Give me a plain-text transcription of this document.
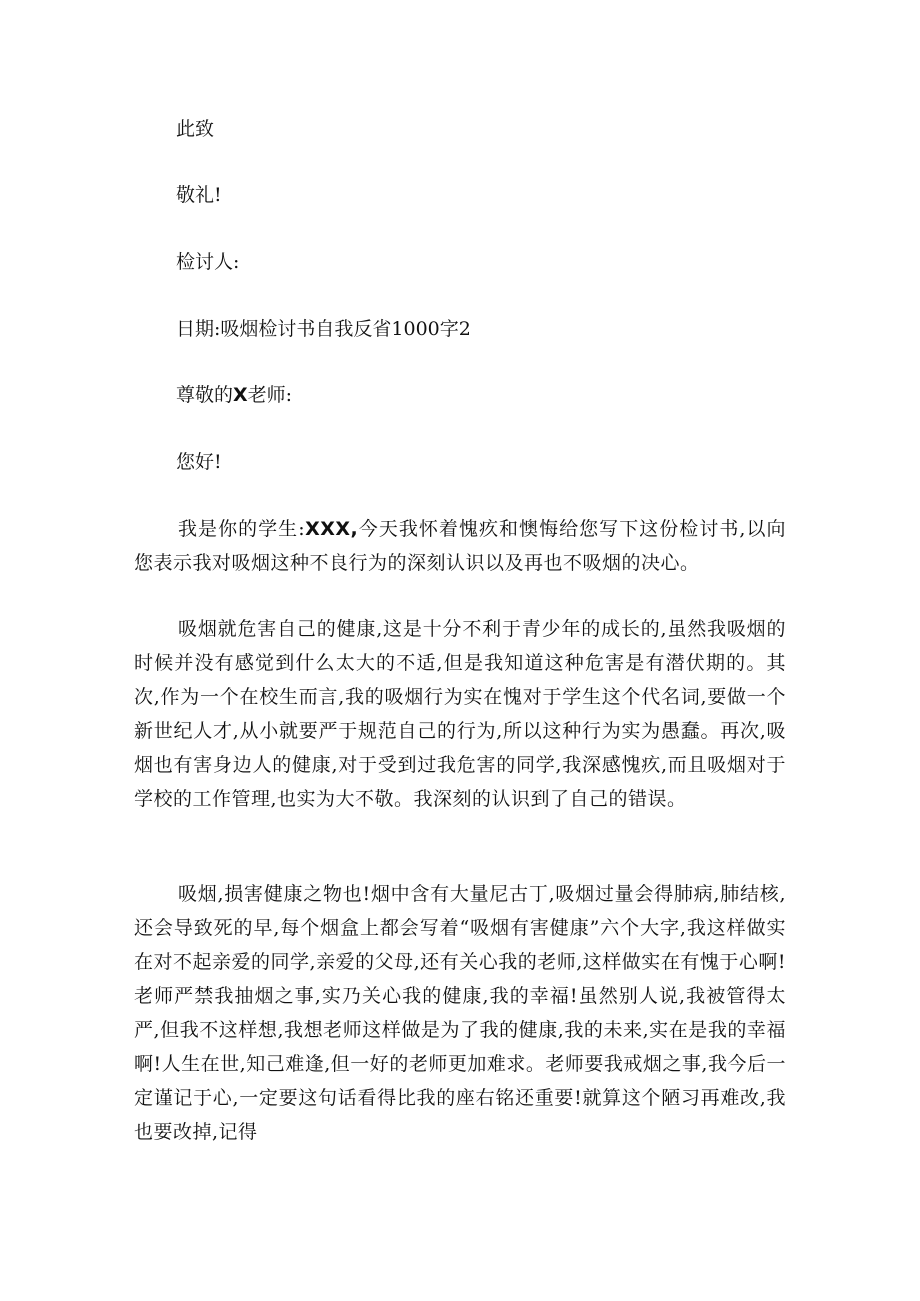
此致
敬礼!
检讨人:
日期:吸烟检讨书自我反省1000字2
尊敬的X老师:
您好!
我是你的学生:XXX,今天我怀着愧疚和懊悔给您写下这份检讨书,以向您表示我对吸烟这种不良行为的深刻认识以及再也不吸烟的决心。
吸烟就危害自己的健康,这是十分不利于青少年的成长的,虽然我吸烟的时候并没有感觉到什么太大的不适,但是我知道这种危害是有潜伏期的。其次,作为一个在校生而言,我的吸烟行为实在愧对于学生这个代名词,要做一个新世纪人才,从小就要严于规范自己的行为,所以这种行为实为愚蠢。再次,吸烟也有害身边人的健康,对于受到过我危害的同学,我深感愧疚,而且吸烟对于学校的工作管理,也实为大不敬。我深刻的认识到了自己的错误。
吸烟,损害健康之物也!烟中含有大量尼古丁,吸烟过量会得肺病,肺结核,还会导致死的早,每个烟盒上都会写着“吸烟有害健康”六个大字,我这样做实在对不起亲爱的同学,亲爱的父母,还有关心我的老师,这样做实在有愧于心啊!老师严禁我抽烟之事,实乃关心我的健康,我的幸福!虽然别人说,我被管得太严,但我不这样想,我想老师这样做是为了我的健康,我的未来,实在是我的幸福啊!人生在世,知己难逢,但一好的老师更加难求。老师要我戒烟之事,我今后一定谨记于心,一定要这句话看得比我的座右铭还重要!就算这个陋习再难改,我也要改掉,记得
